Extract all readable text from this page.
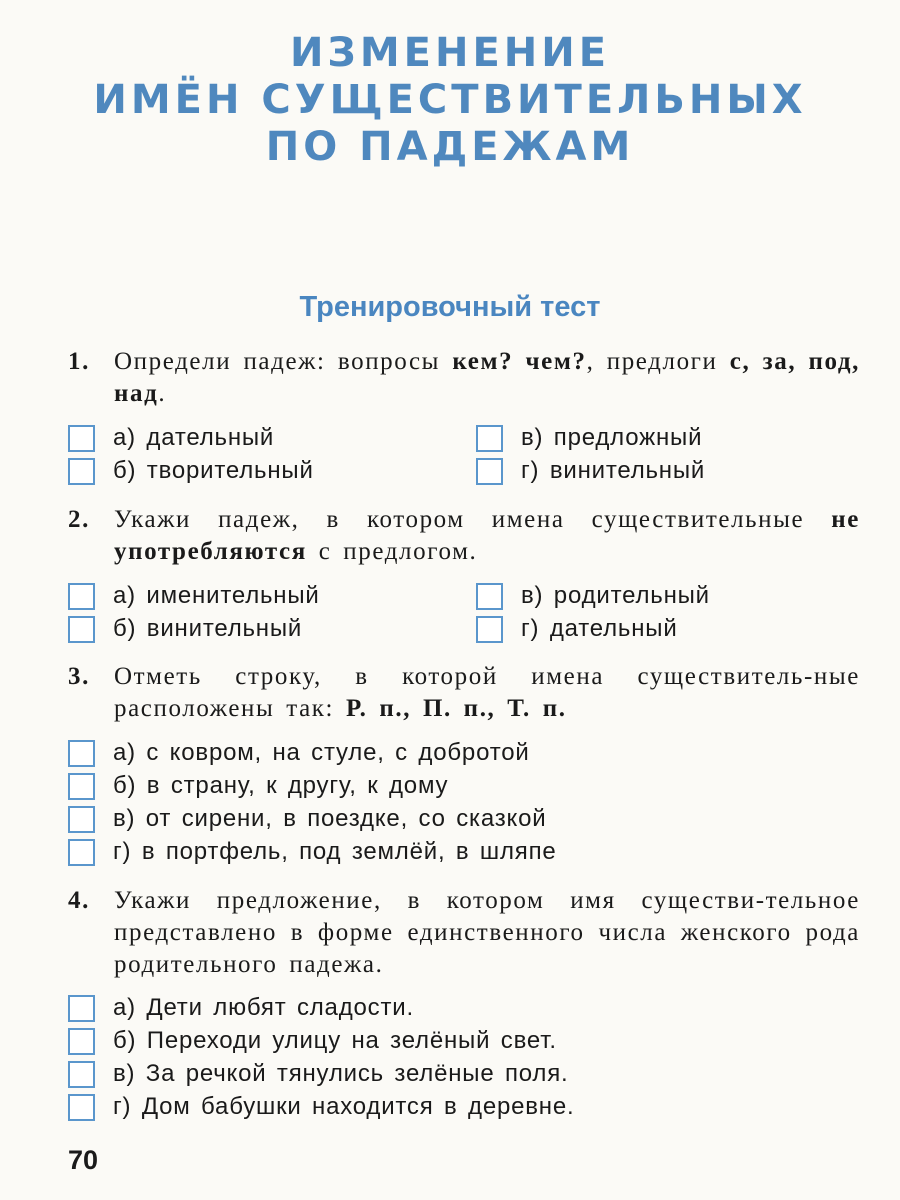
ИЗМЕНЕНИЕ
ИМЁН СУЩЕСТВИТЕЛЬНЫХ
ПО ПАДЕЖАМ
Тренировочный тест
1. Определи падеж: вопросы кем? чем?, предлоги с, за, под, над.
а) дательный
б) творительный
в) предложный
г) винительный
2. Укажи падеж, в котором имена существительные не употребляются с предлогом.
а) именительный
б) винительный
в) родительный
г) дательный
3. Отметь строку, в которой имена существитель-ные расположены так: Р. п., П. п., Т. п.
а) с ковром, на стуле, с добротой
б) в страну, к другу, к дому
в) от сирени, в поездке, со сказкой
г) в портфель, под землёй, в шляпе
4. Укажи предложение, в котором имя существи-тельное представлено в форме единственного числа женского рода родительного падежа.
а) Дети любят сладости.
б) Переходи улицу на зелёный свет.
в) За речкой тянулись зелёные поля.
г) Дом бабушки находится в деревне.
70
